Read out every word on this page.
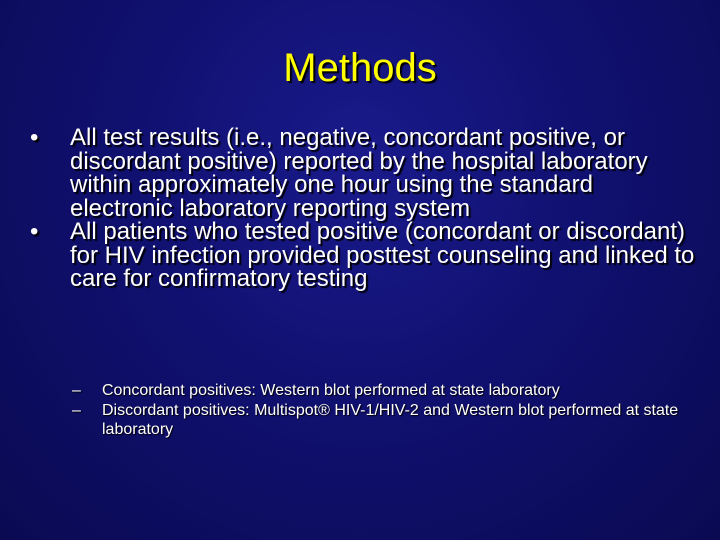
Methods
•	All test results (i.e., negative, concordant positive, or discordant positive) reported by the hospital laboratory within approximately one hour using the standard electronic laboratory reporting system
•	All patients who tested positive (concordant or discordant) for HIV infection provided posttest counseling and linked to care for confirmatory testing
– Concordant positives: Western blot performed at state laboratory
– Discordant positives: Multispot® HIV-1/HIV-2 and Western blot performed at state laboratory
